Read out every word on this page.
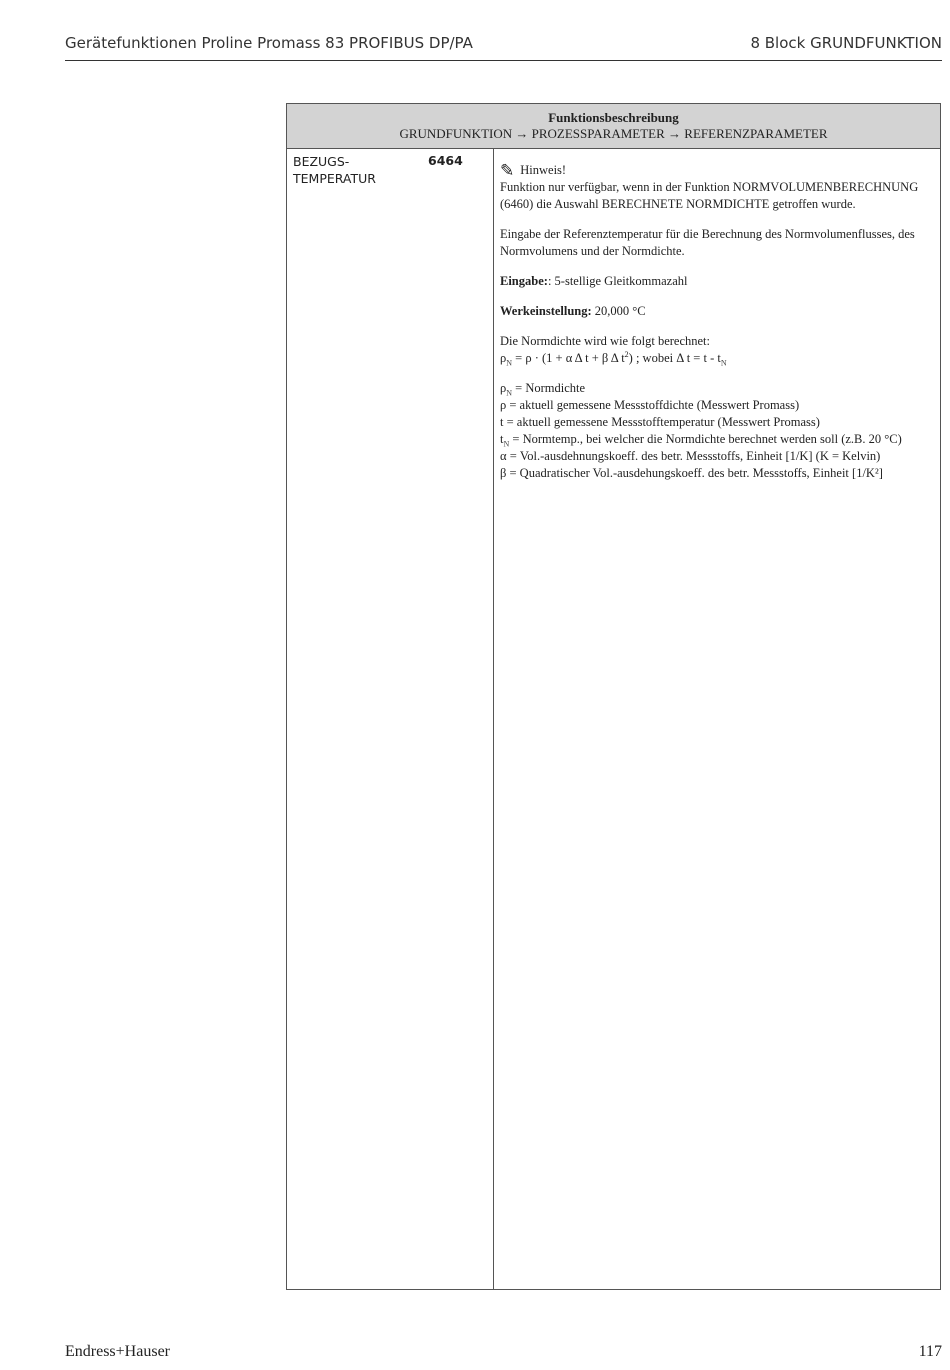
Gerätefunktionen Proline Promass 83 PROFIBUS DP/PA	8 Block GRUNDFUNKTION
Funktionsbeschreibung
GRUNDFUNKTION → PROZESSPARAMETER → REFERENZPARAMETER
BEZUGS-
TEMPERATUR
6464
✎ Hinweis!

Funktion nur verfügbar, wenn in der Funktion NORMVOLUMENBERECHNUNG (6460) die Auswahl BERECHNETE NORMDICHTE getroffen wurde.

Eingabe der Referenztemperatur für die Berechnung des Normvolumenflusses, des Normvolumens und der Normdichte.

Eingabe:: 5-stellige Gleitkommazahl

Werkeinstellung: 20,000 °C

Die Normdichte wird wie folgt berechnet:
$\rho_N = \rho \cdot (1 + \alpha$ Δ t + β Δ $t^2$) ; wobei Δ $t = t - t_N$

$\rho_N$ = Normdichte
ρ = aktuell gemessene Messstoffdichte (Messwert Promass)
t = aktuell gemessene Messstofftemperatur (Messwert Promass)
$t_N$ = Normtemp., bei welcher die Normdichte berechnet werden soll (z.B. 20 °C)
α = Vol.-ausdehnungskoeff. des betr. Messstoffs, Einheit [1/K] (K = Kelvin)
β = Quadratischer Vol.-ausdehungskoeff. des betr. Messstoffs, Einheit [1/K²]

Endress+Hauser	117
